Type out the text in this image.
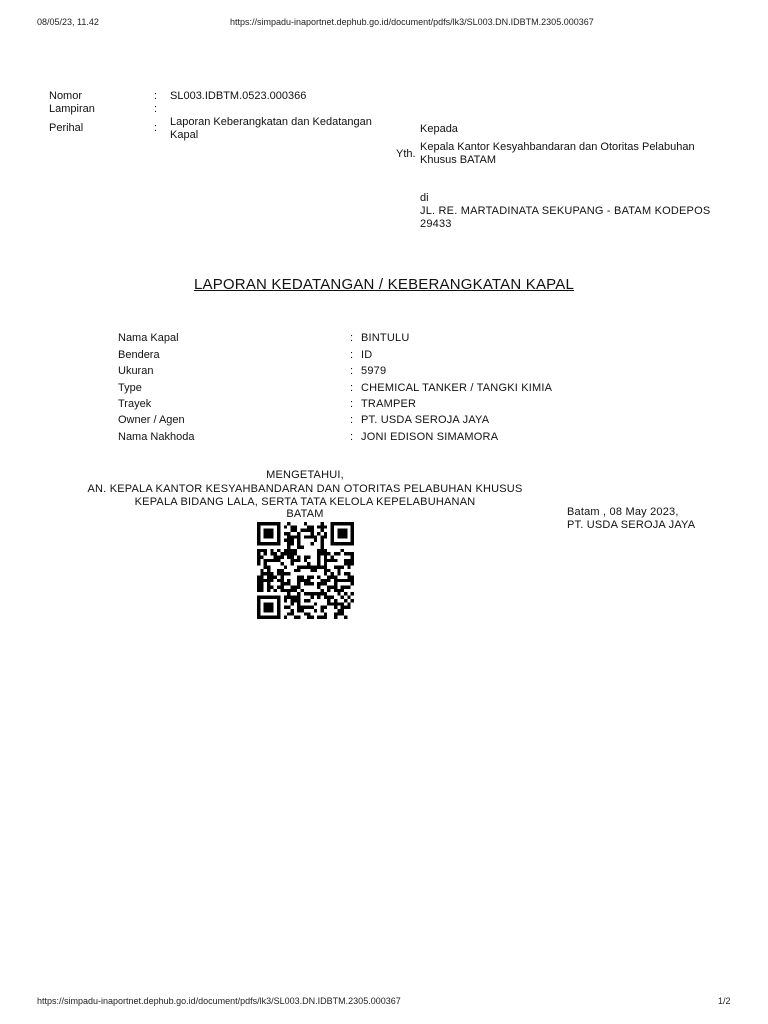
08/05/23, 11.42	https://simpadu-inaportnet.dephub.go.id/document/pdfs/lk3/SL003.DN.IDBTM.2305.000367
https://simpadu-inaportnet.dephub.go.id/document/pdfs/lk3/SL003.DN.IDBTM.2305.000367	1/2
Nomor	: SL003.IDBTM.0523.000366
Lampiran	:
Perihal	: Laporan Keberangkatan dan Kedatangan Kapal	Kepada
Yth.
Kepala Kantor Kesyahbandaran dan Otoritas Pelabuhan Khusus BATAM
di
JL. RE. MARTADINATA SEKUPANG - BATAM KODEPOS 29433
LAPORAN KEDATANGAN / KEBERANGKATAN KAPAL
Nama Kapal	: BINTULU
Bendera	: ID
Ukuran	: 5979
Type	: CHEMICAL TANKER / TANGKI KIMIA
Trayek	: TRAMPER
Owner / Agen	: PT. USDA SEROJA JAYA
Nama Nakhoda	: JONI EDISON SIMAMORA
MENGETAHUI,
AN. KEPALA KANTOR KESYAHBANDARAN DAN OTORITAS PELABUHAN KHUSUS
KEPALA BIDANG LALA, SERTA TATA KELOLA KEPELABUHANAN
BATAM	Batam , 08 May 2023,
PT. USDA SEROJA JAYA
